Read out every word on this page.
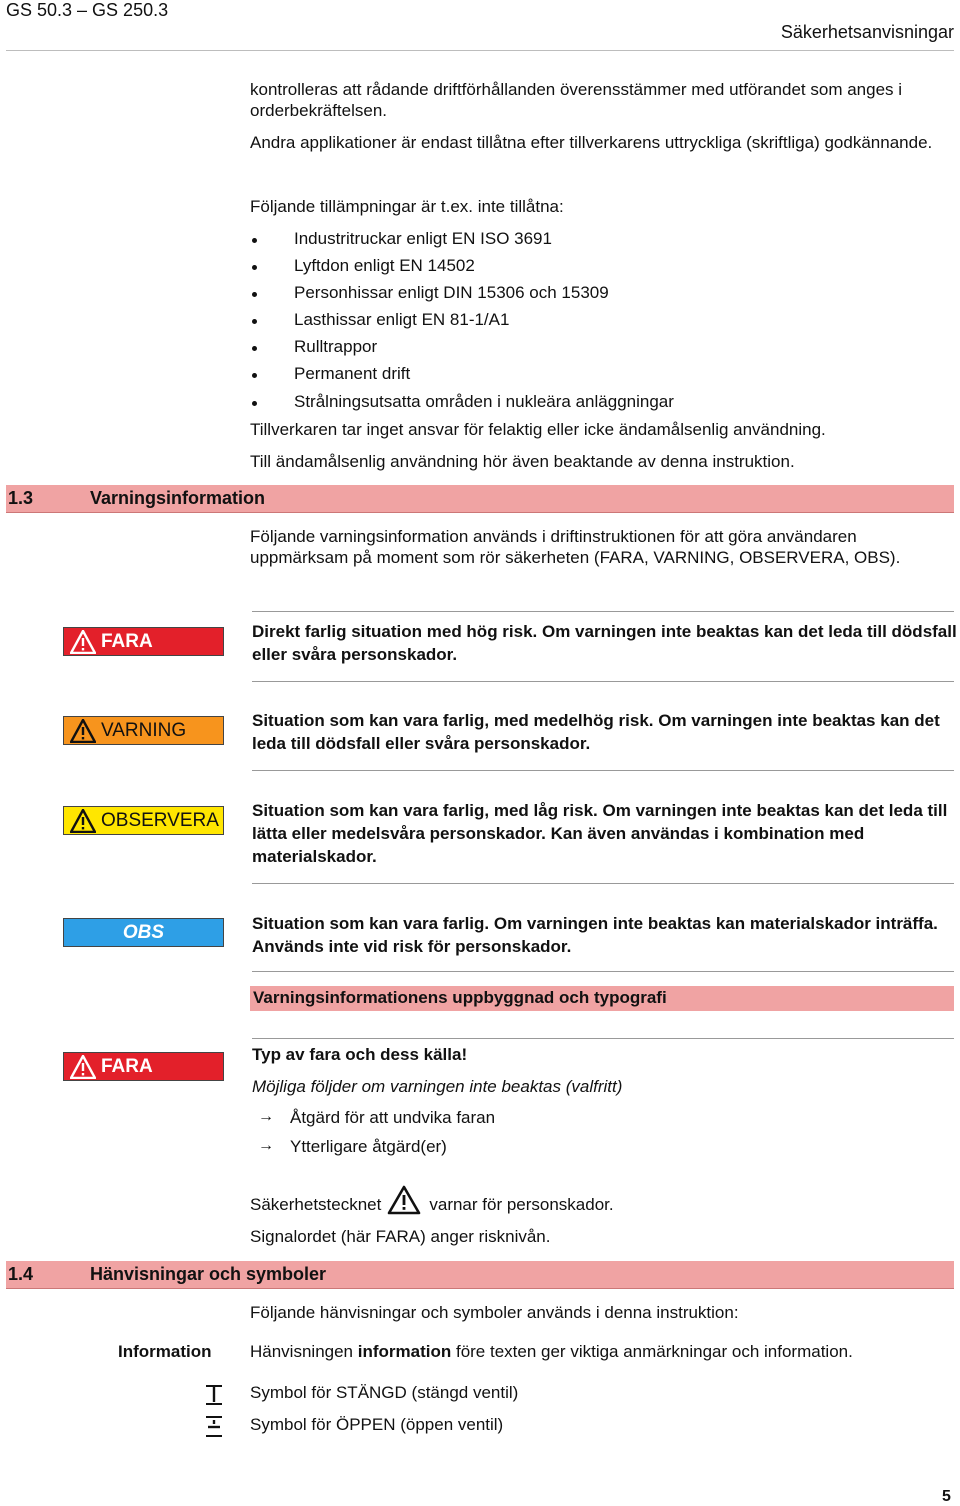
GS 50.3 – GS 250.3
Säkerhetsanvisningar
kontrolleras att rådande driftförhållanden överensstämmer med utförandet som anges i orderbekräftelsen.
Andra applikationer är endast tillåtna efter tillverkarens uttryckliga (skriftliga) godkännande.
Följande tillämpningar är t.ex. inte tillåtna:
Industritruckar enligt EN ISO 3691
Lyftdon enligt EN 14502
Personhissar enligt DIN 15306 och 15309
Lasthissar enligt EN 81-1/A1
Rulltrappor
Permanent drift
Strålningsutsatta områden i nukleära anläggningar
Tillverkaren tar inget ansvar för felaktig eller icke ändamålsenlig användning.
Till ändamålsenlig användning hör även beaktande av denna instruktion.
1.3	Varningsinformation
Följande varningsinformation används i driftinstruktionen för att göra användaren uppmärksam på moment som rör säkerheten (FARA, VARNING, OBSERVERA, OBS).
FARA	Direkt farlig situation med hög risk. Om varningen inte beaktas kan det leda till dödsfall eller svåra personskador.
VARNING	Situation som kan vara farlig, med medelhög risk. Om varningen inte beaktas kan det leda till dödsfall eller svåra personskador.
OBSERVERA Situation som kan vara farlig, med låg risk. Om varningen inte beaktas kan det leda till lätta eller medelsvåra personskador. Kan även användas i kombination med materialskador.
OBS	Situation som kan vara farlig. Om varningen inte beaktas kan materialskador inträffa. Används inte vid risk för personskador.
Varningsinformationens uppbyggnad och typografi
FARA
Typ av fara och dess källa!
Möjliga följder om varningen inte beaktas (valfritt)
→ Åtgärd för att undvika faran
→ Ytterligare åtgärd(er)
Säkerhetstecknet	varnar för personskador.
Signalordet (här FARA) anger risknivån.
1.4	Hänvisningar och symboler
Följande hänvisningar och symboler används i denna instruktion:
Information Hänvisningen information före texten ger viktiga anmärkningar och information.
Symbol för STÄNGD (stängd ventil)
Symbol för ÖPPEN (öppen ventil)
5
